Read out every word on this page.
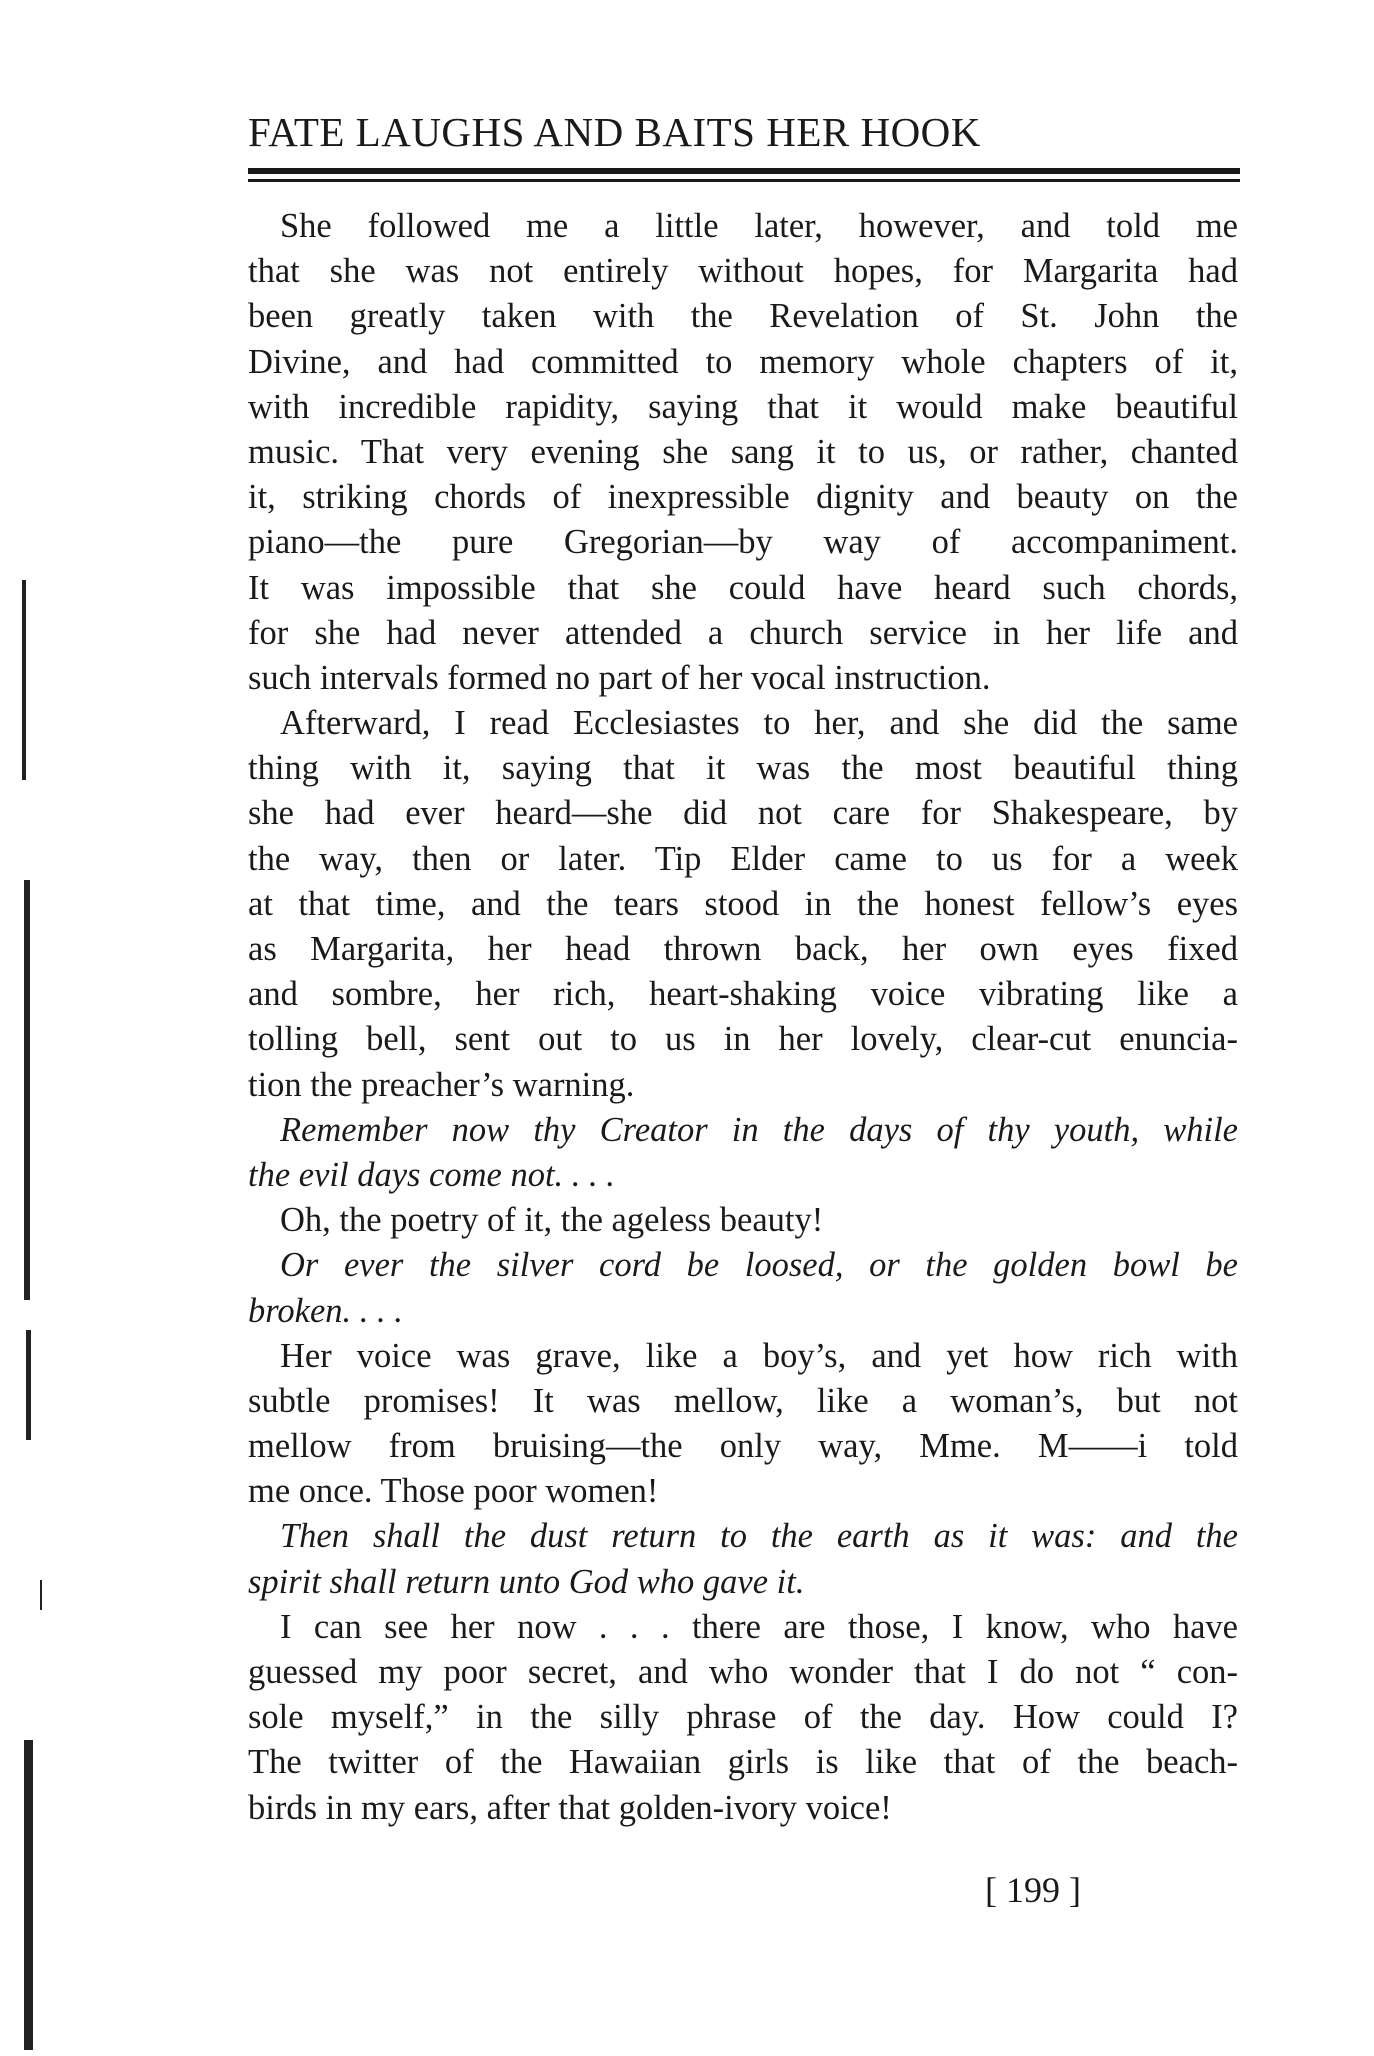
FATE LAUGHS AND BAITS HER HOOK
She followed me a little later, however, and told me
that she was not entirely without hopes, for Margarita had
been greatly taken with the Revelation of St. John the
Divine, and had committed to memory whole chapters of it,
with incredible rapidity, saying that it would make beautiful
music. That very evening she sang it to us, or rather, chanted
it, striking chords of inexpressible dignity and beauty on the
piano—the pure Gregorian—by way of accompaniment.
It was impossible that she could have heard such chords,
for she had never attended a church service in her life and
such intervals formed no part of her vocal instruction.
Afterward, I read Ecclesiastes to her, and she did the same
thing with it, saying that it was the most beautiful thing
she had ever heard—she did not care for Shakespeare, by
the way, then or later. Tip Elder came to us for a week
at that time, and the tears stood in the honest fellow’s eyes
as Margarita, her head thrown back, her own eyes fixed
and sombre, her rich, heart-shaking voice vibrating like a
tolling bell, sent out to us in her lovely, clear-cut enuncia-
tion the preacher’s warning.
Remember now thy Creator in the days of thy youth, while
the evil days come not. . . .
Oh, the poetry of it, the ageless beauty!
Or ever the silver cord be loosed, or the golden bowl be
broken. . . .
Her voice was grave, like a boy’s, and yet how rich with
subtle promises! It was mellow, like a woman’s, but not
mellow from bruising—the only way, Mme. M——i told
me once. Those poor women!
Then shall the dust return to the earth as it was: and the
spirit shall return unto God who gave it.
I can see her now . . . there are those, I know, who have
guessed my poor secret, and who wonder that I do not “ con-
sole myself,” in the silly phrase of the day. How could I?
The twitter of the Hawaiian girls is like that of the beach-
birds in my ears, after that golden-ivory voice!
[ 199 ]
